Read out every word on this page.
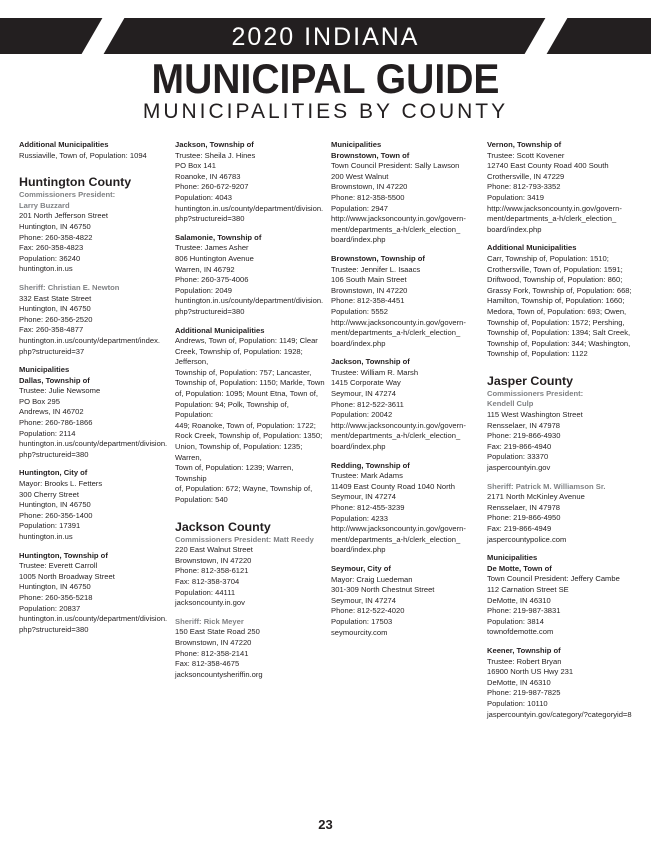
2020 INDIANA
MUNICIPAL GUIDE
MUNICIPALITIES BY COUNTY
Additional Municipalities
Russiaville, Town of, Population: 1094
Huntington County
Commissioners President:
Larry Buzzard
201 North Jefferson Street
Huntington, IN 46750
Phone: 260-358-4822
Fax: 260-358-4823
Population: 36240
huntington.in.us
Sheriff: Christian E. Newton
332 East State Street
Huntington, IN 46750
Phone: 260-356-2520
Fax: 260-358-4877
huntington.in.us/county/department/index.
php?structureid=37
Municipalities
Dallas, Township of
Trustee: Julie Newsome
PO Box 295
Andrews, IN 46702
Phone: 260-786-1866
Population: 2114
huntington.in.us/county/department/division.
php?structureid=380
Huntington, City of
Mayor: Brooks L. Fetters
300 Cherry Street
Huntington, IN 46750
Phone: 260-356-1400
Population: 17391
huntington.in.us
Huntington, Township of
Trustee: Everett Carroll
1005 North Broadway Street
Huntington, IN 46750
Phone: 260-356-5218
Population: 20837
huntington.in.us/county/department/division.
php?structureid=380
Jackson, Township of
Trustee: Sheila J. Hines
PO Box 141
Roanoke, IN 46783
Phone: 260-672-9207
Population: 4043
huntington.in.us/county/department/division.
php?structureid=380
Salamonie, Township of
Trustee: James Asher
806 Huntington Avenue
Warren, IN 46792
Phone: 260-375-4006
Population: 2049
huntington.in.us/county/department/division.
php?structureid=380
Additional Municipalities
Andrews, Town of, Population: 1149; Clear
Creek, Township of, Population: 1928; Jefferson,
Township of, Population: 757; Lancaster,
Township of, Population: 1150; Markle, Town
of, Population: 1095; Mount Etna, Town of,
Population: 94; Polk, Township of, Population:
449; Roanoke, Town of, Population: 1722;
Rock Creek, Township of, Population: 1350;
Union, Township of, Population: 1235; Warren,
Town of, Population: 1239; Warren, Township
of, Population: 672; Wayne, Township of,
Population: 540
Jackson County
Commissioners President: Matt Reedy
220 East Walnut Street
Brownstown, IN 47220
Phone: 812-358-6121
Fax: 812-358-3704
Population: 44111
jacksoncounty.in.gov
Sheriff: Rick Meyer
150 East State Road 250
Brownstown, IN 47220
Phone: 812-358-2141
Fax: 812-358-4675
jacksoncountysheriffin.org
Municipalities
Brownstown, Town of
Town Council President: Sally Lawson
200 West Walnut
Brownstown, IN 47220
Phone: 812-358-5500
Population: 2947
http://www.jacksoncounty.in.gov/govern-
ment/departments_a-h/clerk_election_
board/index.php
Brownstown, Township of
Trustee: Jennifer L. Isaacs
106 South Main Street
Brownstown, IN 47220
Phone: 812-358-4451
Population: 5552
http://www.jacksoncounty.in.gov/govern-
ment/departments_a-h/clerk_election_
board/index.php
Jackson, Township of
Trustee: William R. Marsh
1415 Corporate Way
Seymour, IN 47274
Phone: 812-522-3611
Population: 20042
http://www.jacksoncounty.in.gov/govern-
ment/departments_a-h/clerk_election_
board/index.php
Redding, Township of
Trustee: Mark Adams
11409 East County Road 1040 North
Seymour, IN 47274
Phone: 812-455-3239
Population: 4233
http://www.jacksoncounty.in.gov/govern-
ment/departments_a-h/clerk_election_
board/index.php
Seymour, City of
Mayor: Craig Luedeman
301-309 North Chestnut Street
Seymour, IN 47274
Phone: 812-522-4020
Population: 17503
seymourcity.com
Vernon, Township of
Trustee: Scott Kovener
12740 East County Road 400 South
Crothersville, IN 47229
Phone: 812-793-3352
Population: 3419
http://www.jacksoncounty.in.gov/govern-
ment/departments_a-h/clerk_election_
board/index.php
Additional Municipalities
Carr, Township of, Population: 1510;
Crothersville, Town of, Population: 1591;
Driftwood, Township of, Population: 860;
Grassy Fork, Township of, Population: 668;
Hamilton, Township of, Population: 1660;
Medora, Town of, Population: 693; Owen,
Township of, Population: 1572; Pershing,
Township of, Population: 1394; Salt Creek,
Township of, Population: 344; Washington,
Township of, Population: 1122
Jasper County
Commissioners President:
Kendell Culp
115 West Washington Street
Rensselaer, IN 47978
Phone: 219-866-4930
Fax: 219-866-4940
Population: 33370
jaspercountyin.gov
Sheriff: Patrick M. Williamson Sr.
2171 North McKinley Avenue
Rensselaer, IN 47978
Phone: 219-866-4950
Fax: 219-866-4949
jaspercountypolice.com
Municipalities
De Motte, Town of
Town Council President: Jeffery Cambe
112 Carnation Street SE
DeMotte, IN 46310
Phone: 219-987-3831
Population: 3814
townofdemotte.com
Keener, Township of
Trustee: Robert Bryan
16900 North US Hwy 231
DeMotte, IN 46310
Phone: 219-987-7825
Population: 10110
jaspercountyin.gov/category/?categoryid=8
23
